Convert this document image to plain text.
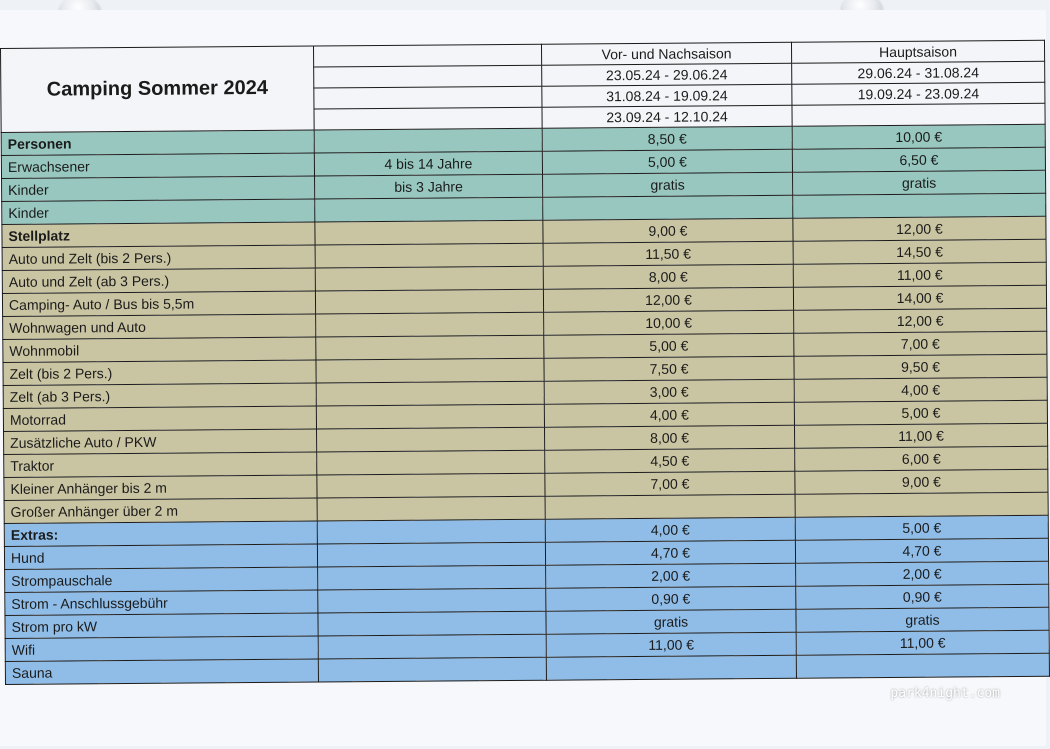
Camping Sommer 2024		Vor- und Nachsaison	Hauptsaison
		23.05.24 - 29.06.24	29.06.24 - 31.08.24
		31.08.24 - 19.09.24	19.09.24 - 23.09.24
		23.09.24 - 12.10.24	
Personen		8,50 €	10,00 €
Erwachsener	4 bis 14 Jahre	5,00 €	6,50 €
Kinder	bis 3 Jahre	gratis	gratis
Kinder			
Stellplatz		9,00 €	12,00 €
Auto und Zelt (bis 2 Pers.)		11,50 €	14,50 €
Auto und Zelt (ab 3 Pers.)		8,00 €	11,00 €
Camping- Auto / Bus bis 5,5m		12,00 €	14,00 €
Wohnwagen und Auto		10,00 €	12,00 €
Wohnmobil		5,00 €	7,00 €
Zelt (bis 2 Pers.)		7,50 €	9,50 €
Zelt (ab 3 Pers.)		3,00 €	4,00 €
Motorrad		4,00 €	5,00 €
Zusätzliche Auto / PKW		8,00 €	11,00 €
Traktor		4,50 €	6,00 €
Kleiner Anhänger bis 2 m		7,00 €	9,00 €
Großer Anhänger über 2 m			
Extras:		4,00 €	5,00 €
Hund		4,70 €	4,70 €
Strompauschale		2,00 €	2,00 €
Strom - Anschlussgebühr		0,90 €	0,90 €
Strom pro kW		gratis	gratis
Wifi		11,00 €	11,00 €
Sauna			
park4night.com
